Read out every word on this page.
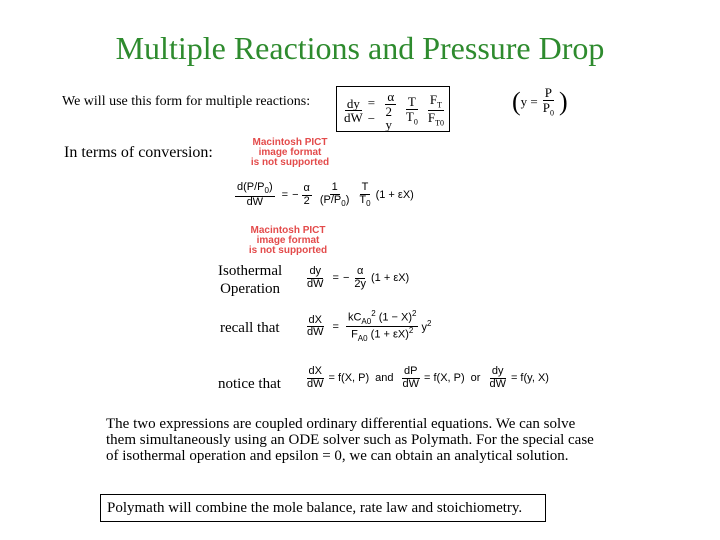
Multiple Reactions and Pressure Drop
We will use this form for multiple reactions: $\frac{dy}{dW}$ = − $\frac{\alpha}{2 y} \frac{T}{T_0} \frac{F_T}{F_{T0}}$	( $y = \frac{P}{P_0}$ )
In terms of conversion:
Macintosh PICT
image format
is not supported
$\frac{d(P/P_0)}{dW}$ = − $\frac{\alpha}{2} \frac{1}{(P/P_0)} \frac{T}{T_0} (1 + \varepsilon X)$
Macintosh PICT
image format
is not supported
Isothermal
Operation $\frac{dy}{dW}$ = − $\frac{\alpha}{2y} (1 + \varepsilon X)$
recall that $\frac{dX}{dW} = \frac{kC_{A0}^2 (1 - X)^2}{F_{A0} (1 + \varepsilon X)^2} y^2$
notice that $\frac{dX}{dW} = f(X$, P) and $\frac{dP}{dW} = f(X$, P) or $\frac{dy}{dW} = f(y$, X)
The two expressions are coupled ordinary differential equations. We can solve them simultaneously using an ODE solver such as Polymath. For the special case of isothermal operation and epsilon = 0, we can obtain an analytical solution.
Polymath will combine the mole balance, rate law and stoichiometry.
